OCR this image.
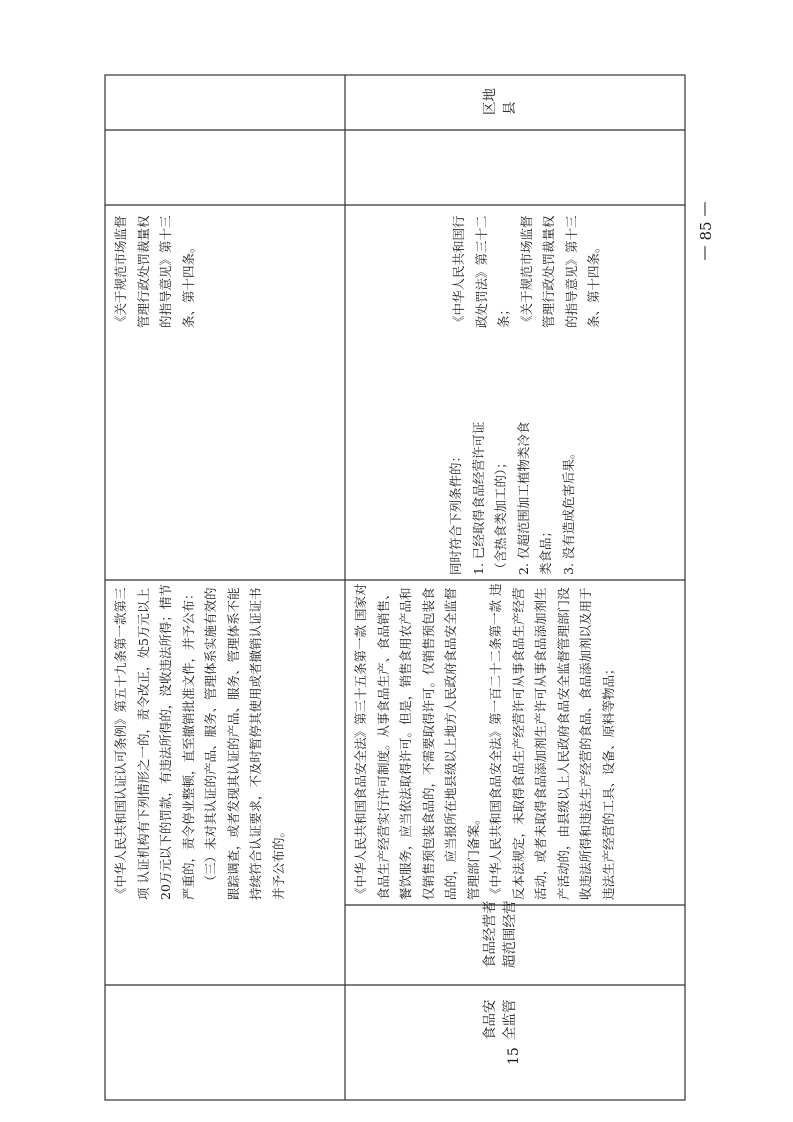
《中华人民共和国认证认可条例》第五十九条第一款第三项 认证机构有下列情形之一的，责令改正，处5万元以上20万元以下的罚款，有违法所得的，没收违法所得；情节严重的，责令停业整顿，直至撤销批准文件，并予公布： （三）未对其认证的产品、服务、管理体系实施有效的跟踪调查，或者发现其认证的产品、服务、管理体系不能持续符合认证要求，不及时暂停其使用或者撤销认证证书并予公布的。

《关于规范市场监督管理行政处罚裁量权的指导意见》第十三条、第十四条。

15
食品安全监管
食品经营者超范围经营

《中华人民共和国食品安全法》第三十五条第一款 国家对食品生产经营实行许可制度。从事食品生产、食品销售、餐饮服务，应当依法取得许可。但是，销售食用农产品和仅销售预包装食品的，不需要取得许可。仅销售预包装食品的，应当报所在地县级以上地方人民政府食品安全监督管理部门备案。 《中华人民共和国食品安全法》第一百二十二条第一款 违反本法规定，未取得食品生产经营许可从事食品生产经营活动，或者未取得食品添加剂生产许可从事食品添加剂生产活动的，由县级以上人民政府食品安全监督管理部门没收违法所得和违法生产经营的食品、食品添加剂以及用于违法生产经营的工具、设备、原料等物品；

同时符合下列条件的： 1. 已经取得食品经营许可证（含热食类加工的）； 2. 仅超范围加工植物类冷食类食品； 3. 没有造成危害后果。

《中华人民共和国行政处罚法》第三十二条； 《关于规范市场监督管理行政处罚裁量权的指导意见》第十三条、第十四条。

区地县
—
85
—
